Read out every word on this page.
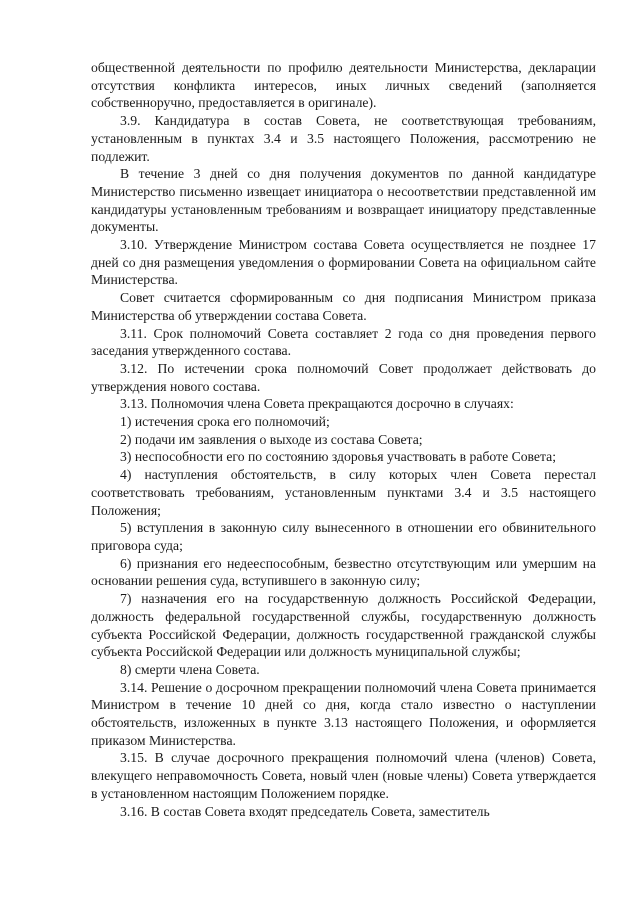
общественной деятельности по профилю деятельности Министерства, декларации отсутствия конфликта интересов, иных личных сведений (заполняется собственноручно, предоставляется в оригинале).

3.9. Кандидатура в состав Совета, не соответствующая требованиям, установленным в пунктах 3.4 и 3.5 настоящего Положения, рассмотрению не подлежит.

В течение 3 дней со дня получения документов по данной кандидатуре Министерство письменно извещает инициатора о несоответствии представленной им кандидатуры установленным требованиям и возвращает инициатору представленные документы.

3.10. Утверждение Министром состава Совета осуществляется не позднее 17 дней со дня размещения уведомления о формировании Совета на официальном сайте Министерства.

Совет считается сформированным со дня подписания Министром приказа Министерства об утверждении состава Совета.

3.11. Срок полномочий Совета составляет 2 года со дня проведения первого заседания утвержденного состава.

3.12. По истечении срока полномочий Совет продолжает действовать до утверждения нового состава.

3.13. Полномочия члена Совета прекращаются досрочно в случаях:

1) истечения срока его полномочий;

2) подачи им заявления о выходе из состава Совета;

3) неспособности его по состоянию здоровья участвовать в работе Совета;

4) наступления обстоятельств, в силу которых член Совета перестал соответствовать требованиям, установленным пунктами 3.4 и 3.5 настоящего Положения;

5) вступления в законную силу вынесенного в отношении его обвинительного приговора суда;

6) признания его недееспособным, безвестно отсутствующим или умершим на основании решения суда, вступившего в законную силу;

7) назначения его на государственную должность Российской Федерации, должность федеральной государственной службы, государственную должность субъекта Российской Федерации, должность государственной гражданской службы субъекта Российской Федерации или должность муниципальной службы;

8) смерти члена Совета.

3.14. Решение о досрочном прекращении полномочий члена Совета принимается Министром в течение 10 дней со дня, когда стало известно о наступлении обстоятельств, изложенных в пункте 3.13 настоящего Положения, и оформляется приказом Министерства.

3.15. В случае досрочного прекращения полномочий члена (членов) Совета, влекущего неправомочность Совета, новый член (новые члены) Совета утверждается в установленном настоящим Положением порядке.

3.16. В состав Совета входят председатель Совета, заместитель
